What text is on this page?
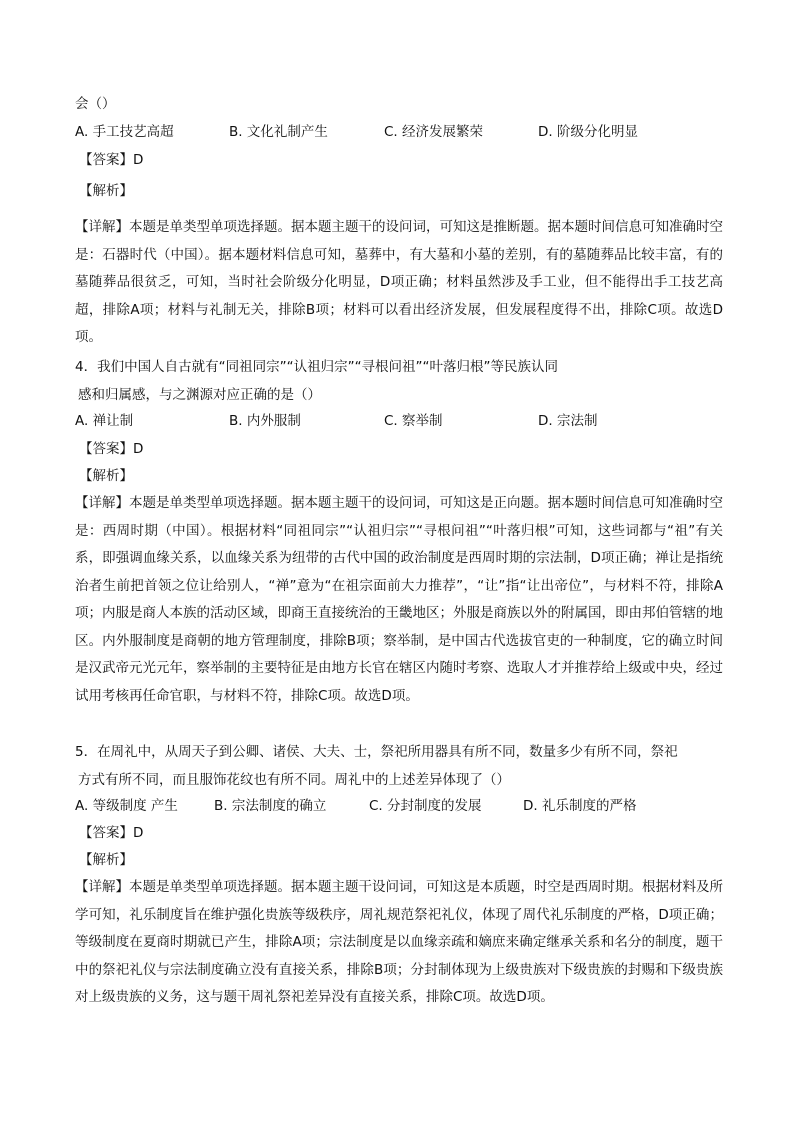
会（）
A. 手工技艺高超	B. 文化礼制产生	C. 经济发展繁荣	D. 阶级分化明显
【答案】D
【解析】
【详解】本题是单类型单项选择题。据本题主题干的设问词，可知这是推断题。据本题时间信息可知准确时空是：石器时代（中国）。据本题材料信息可知，墓葬中，有大墓和小墓的差别，有的墓随葬品比较丰富，有的墓随葬品很贫乏，可知，当时社会阶级分化明显，D项正确；材料虽然涉及手工业，但不能得出手工技艺高超，排除A项；材料与礼制无关，排除B项；材料可以看出经济发展，但发展程度得不出，排除C项。故选D项。
4．我们中国人自古就有“同祖同宗”“认祖归宗”“寻根问祖”“叶落归根”等民族认同
感和归属感，与之渊源对应正确的是（）
A. 禅让制	B. 内外服制	C. 察举制	D. 宗法制
【答案】D
【解析】
【详解】本题是单类型单项选择题。据本题主题干的设问词，可知这是正向题。据本题时间信息可知准确时空是：西周时期（中国）。根据材料“同祖同宗”“认祖归宗”“寻根问祖”“叶落归根”可知，这些词都与“祖”有关系，即强调血缘关系，以血缘关系为纽带的古代中国的政治制度是西周时期的宗法制，D项正确；禅让是指统治者生前把首领之位让给别人，“禅”意为“在祖宗面前大力推荐”，“让”指“让出帝位”，与材料不符，排除A项；内服是商人本族的活动区域，即商王直接统治的王畿地区；外服是商族以外的附属国，即由邦伯管辖的地区。内外服制度是商朝的地方管理制度，排除B项；察举制，是中国古代选拔官吏的一种制度，它的确立时间是汉武帝元光元年，察举制的主要特征是由地方长官在辖区内随时考察、选取人才并推荐给上级或中央，经过试用考核再任命官职，与材料不符，排除C项。故选D项。
5．在周礼中，从周天子到公卿、诸侯、大夫、士，祭祀所用器具有所不同，数量多少有所不同，祭祀
方式有所不同，而且服饰花纹也有所不同。周礼中的上述差异体现了（）
A. 等级制度 产生	B. 宗法制度的确立	C. 分封制度的发展	D. 礼乐制度的严格
【答案】D
【解析】
【详解】本题是单类型单项选择题。据本题主题干设问词，可知这是本质题，时空是西周时期。根据材料及所学可知，礼乐制度旨在维护强化贵族等级秩序，周礼规范祭祀礼仪，体现了周代礼乐制度的严格，D项正确；等级制度在夏商时期就已产生，排除A项；宗法制度是以血缘亲疏和嫡庶来确定继承关系和名分的制度，题干中的祭祀礼仪与宗法制度确立没有直接关系，排除B项；分封制体现为上级贵族对下级贵族的封赐和下级贵族对上级贵族的义务，这与题干周礼祭祀差异没有直接关系，排除C项。故选D项。
